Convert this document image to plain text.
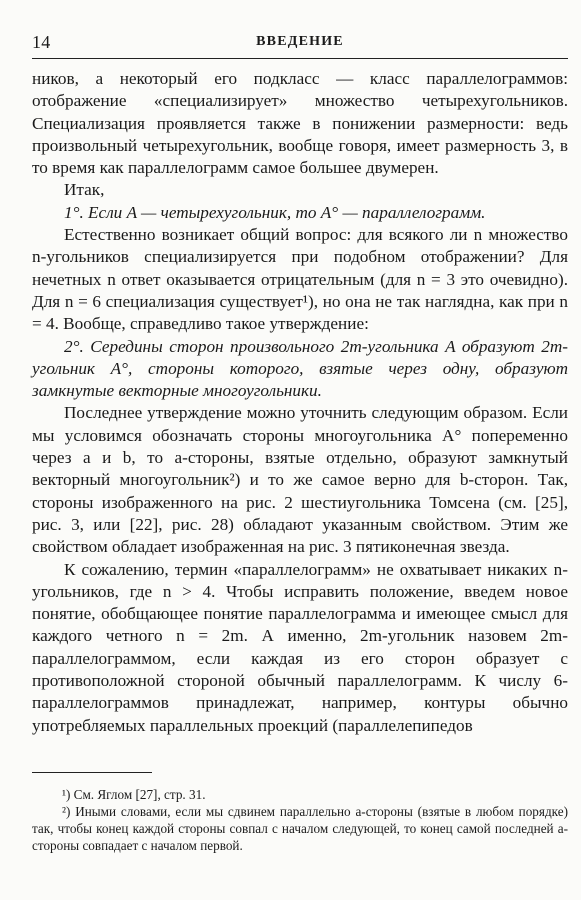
14	ВВЕДЕНИЕ

ников, а некоторый его подкласс — класс параллелограммов: отображение «специализирует» множество четырехугольников. Специализация проявляется также в понижении размерности: ведь произвольный четырехугольник, вообще говоря, имеет размерность 3, в то время как параллелограмм самое большее двумерен.

Итак,

1°. Если A — четырехугольник, то A° — параллелограмм.

Естественно возникает общий вопрос: для всякого ли n множество n-угольников специализируется при подобном отображении? Для нечетных n ответ оказывается отрицательным (для n = 3 это очевидно). Для n = 6 специализация существует¹), но она не так наглядна, как при n = 4. Вообще, справедливо такое утверждение:

2°. Середины сторон произвольного 2m-угольника A образуют 2m-угольник A°, стороны которого, взятые через одну, образуют замкнутые векторные многоугольники.

Последнее утверждение можно уточнить следующим образом. Если мы условимся обозначать стороны многоугольника A° попеременно через a и b, то a-стороны, взятые отдельно, образуют замкнутый векторный многоугольник²) и то же самое верно для b-сторон. Так, стороны изображенного на рис. 2 шестиугольника Томсена (см. [25], рис. 3, или [22], рис. 28) обладают указанным свойством. Этим же свойством обладает изображенная на рис. 3 пятиконечная звезда.

К сожалению, термин «параллелограмм» не охватывает никаких n-угольников, где n > 4. Чтобы исправить положение, введем новое понятие, обобщающее понятие параллелограмма и имеющее смысл для каждого четного n = 2m. А именно, 2m-угольник назовем 2m-параллелограммом, если каждая из его сторон образует с противоположной стороной обычный параллелограмм. К числу 6-параллелограммов принадлежат, например, контуры обычно употребляемых параллельных проекций (параллелепипедов

¹) См. Яглом [27], стр. 31.

²) Иными словами, если мы сдвинем параллельно a-стороны (взятые в любом порядке) так, чтобы конец каждой стороны совпал с началом следующей, то конец самой последней a-стороны совпадает с началом первой.
